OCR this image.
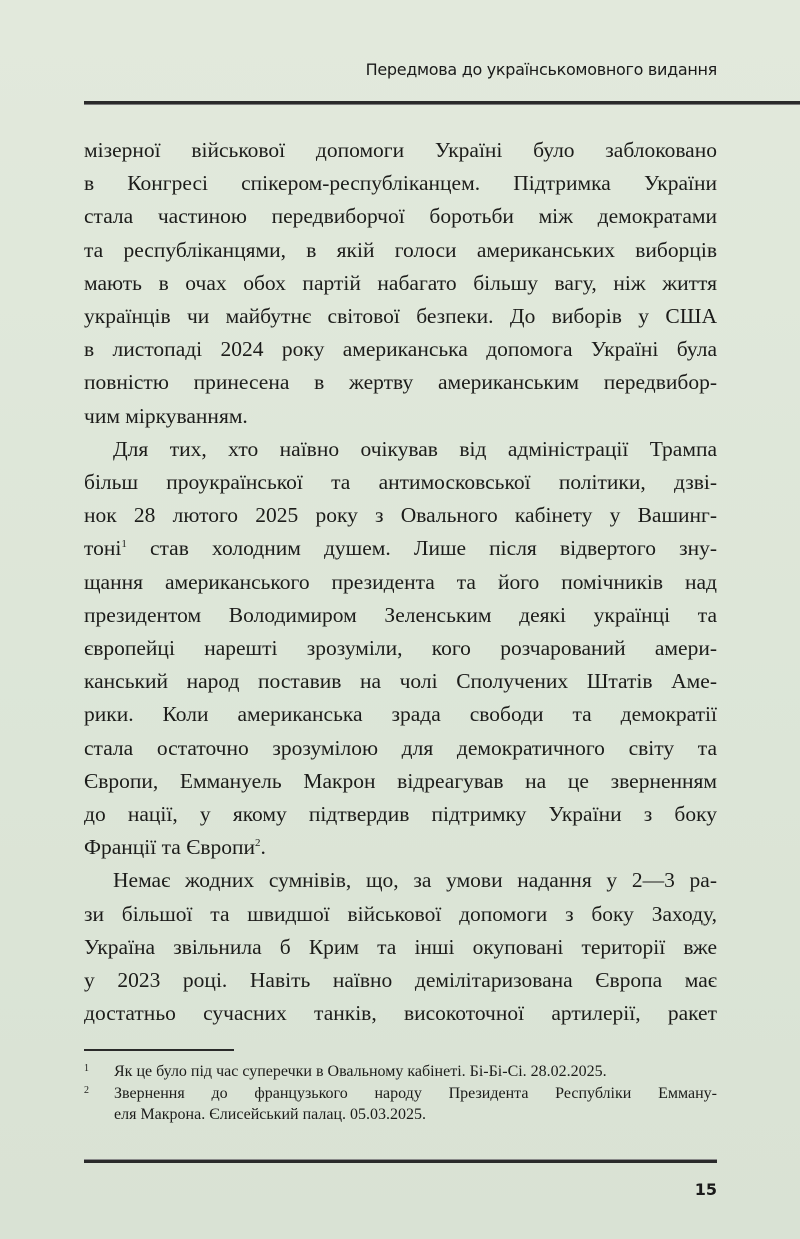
Передмова до українськомовного видання

мізерної військової допомоги Україні було заблоковано
в Конгресі спікером-республіканцем. Підтримка України
стала частиною передвиборчої боротьби між демократами
та республіканцями, в якій голоси американських виборців
мають в очах обох партій набагато більшу вагу, ніж життя
українців чи майбутнє світової безпеки. До виборів у США
в листопаді 2024 року американська допомога Україні була
повністю принесена в жертву американським передвибор-
чим міркуванням.

Для тих, хто наївно очікував від адміністрації Трампа
більш проукраїнської та антимосковської політики, дзві-
нок 28 лютого 2025 року з Овального кабінету у Вашинг-
тоні$^1$ став холодним душем. Лише після відвертого зну-
щання американського президента та його помічників над
президентом Володимиром Зеленським деякі українці та
європейці нарешті зрозуміли, кого розчарований амери-
канський народ поставив на чолі Сполучених Штатів Аме-
рики. Коли американська зрада свободи та демократії
стала остаточно зрозумілою для демократичного світу та
Європи, Еммануель Макрон відреагував на це зверненням
до нації, у якому підтвердив підтримку України з боку
Франції та Європи$^2$.

Немає жодних сумнівів, що, за умови надання у 2—3 ра-
зи більшої та швидшої військової допомоги з боку Заходу,
Україна звільнила б Крим та інші окуповані території вже
у 2023 році. Навіть наївно демілітаризована Європа має
достатньо сучасних танків, високоточної артилерії, ракет

1 Як це було під час суперечки в Овальному кабінеті. Бі-Бі-Сі. 28.02.2025.
2 Звернення до французького народу Президента Республіки Емману-
еля Макрона. Єлисейський палац. 05.03.2025.
15
